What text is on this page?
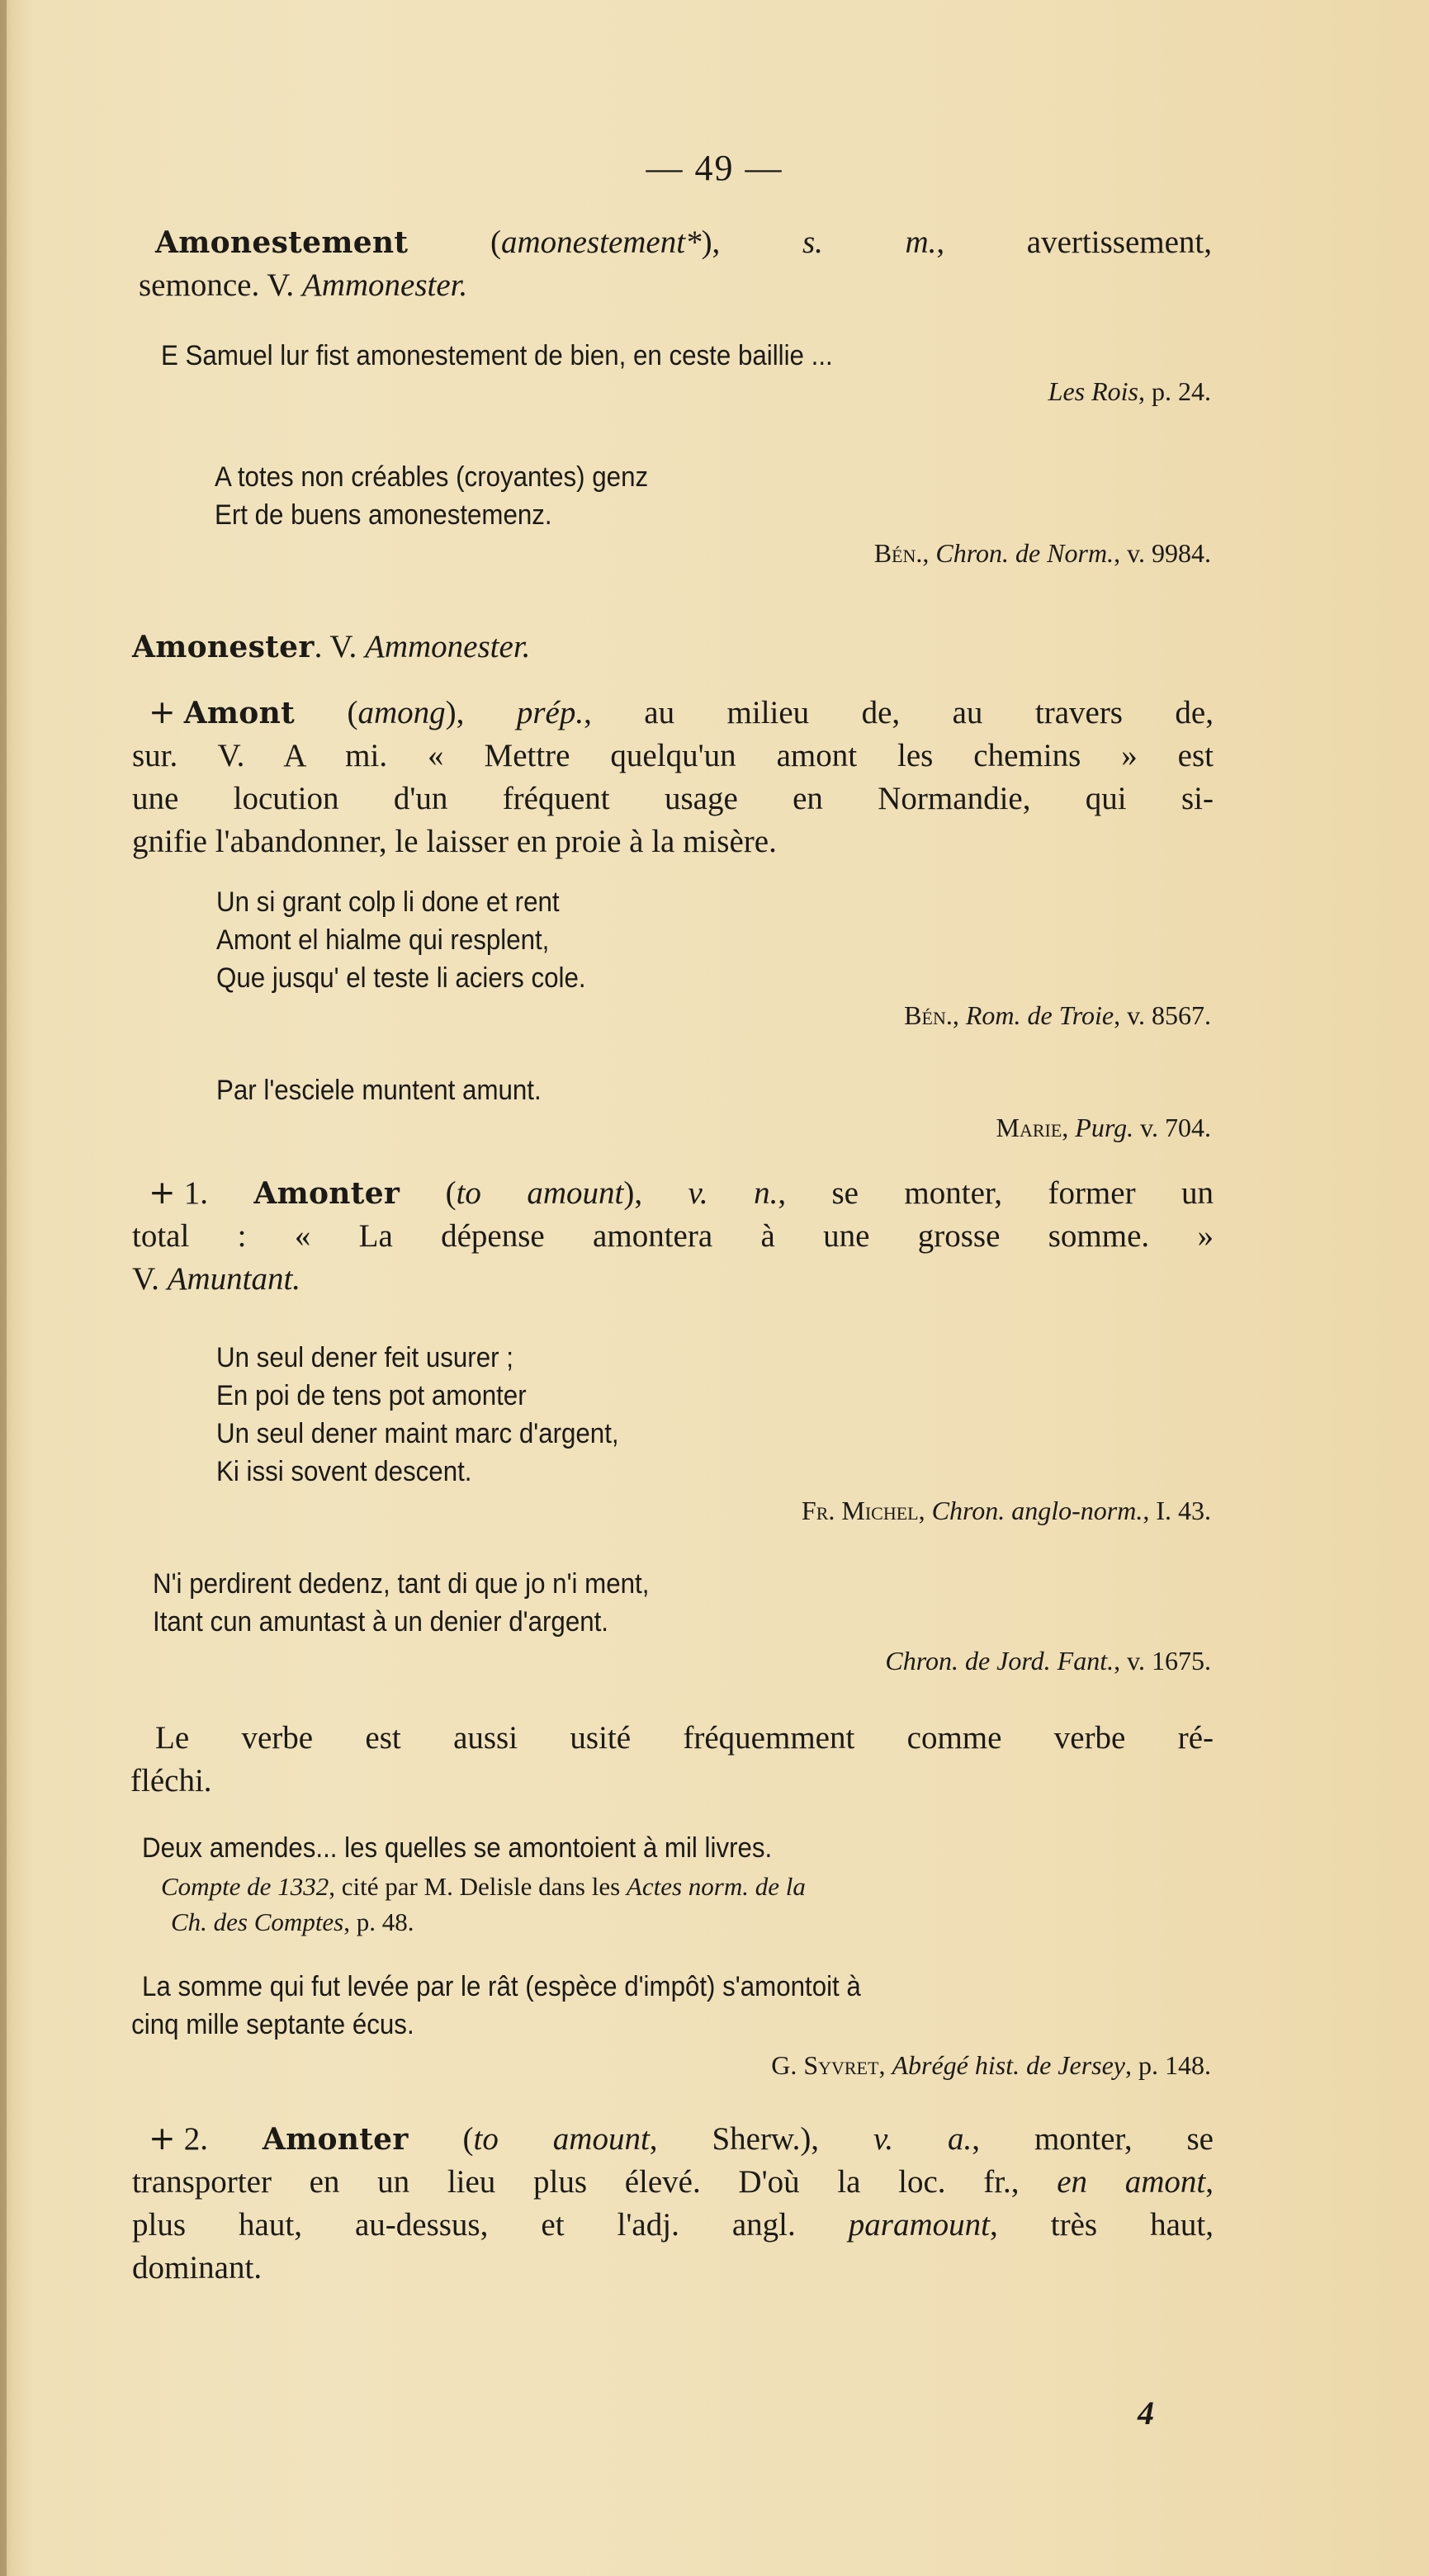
— 49 —
Amonestement (amonestement*), s. m., avertissement,
semonce. V. Ammonester.
E Samuel lur fist amonestement de bien, en ceste baillie ...
Les Rois, p. 24.
A totes non créables (croyantes) genz
Ert de buens amonestemenz.
Bén., Chron. de Norm., v. 9984.
Amonester. V. Ammonester.
+ Amont (among), prép., au milieu de, au travers de,
sur. V. A mi. « Mettre quelqu'un amont les chemins » est
une locution d'un fréquent usage en Normandie, qui si-
gnifie l'abandonner, le laisser en proie à la misère.
Un si grant colp li done et rent
Amont el hialme qui resplent,
Que jusqu' el teste li aciers cole.
Bén., Rom. de Troie, v. 8567.
Par l'esciele muntent amunt.
Marie, Purg. v. 704.
+ 1. Amonter (to amount), v. n., se monter, former un
total : « La dépense amontera à une grosse somme. »
V. Amuntant.
Un seul dener feit usurer ;
En poi de tens pot amonter
Un seul dener maint marc d'argent,
Ki issi sovent descent.
Fr. Michel, Chron. anglo-norm., I. 43.
N'i perdirent dedenz, tant di que jo n'i ment,
Itant cun amuntast à un denier d'argent.
Chron. de Jord. Fant., v. 1675.
Le verbe est aussi usité fréquemment comme verbe ré-
fléchi.
Deux amendes... les quelles se amontoient à mil livres.
Compte de 1332, cité par M. Delisle dans les Actes norm. de la
Ch. des Comptes, p. 48.
La somme qui fut levée par le rât (espèce d'impôt) s'amontoit à
cinq mille septante écus.
G. Syvret, Abrégé hist. de Jersey, p. 148.
+ 2. Amonter (to amount, Sherw.), v. a., monter, se
transporter en un lieu plus élevé. D'où la loc. fr., en amont,
plus haut, au-dessus, et l'adj. angl. paramount, très haut,
dominant.
4
